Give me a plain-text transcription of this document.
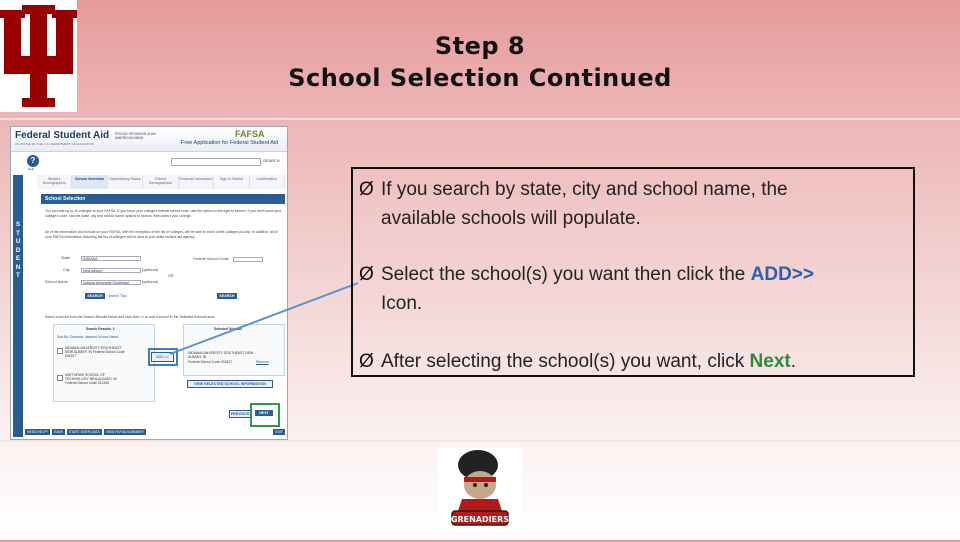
Step 8
School Selection Continued
Federal Student Aid
AN OFFICE OF THE U.S. DEPARTMENT OF EDUCATION
PROUD SPONSOR of the AMERICAN MIND	FAFSA
Free Application for Federal Student Aid
?
Help
SEARCH
Student Demographics
School Selection	Dependency Status	Parent Demographics
Financial Information	Sign & Submit	Confirmation
S
T
U
D
E
N
T
School Selection
You can add up to 10 colleges to your FAFSA. If you know your college's federal school code, use the option to the right to search. If you don't know your college's code, use the state, city and school name options to search. Next select your college.
All of the information you include on your FAFSA, with the exception of the list of colleges, will be sent to each of the colleges you list. In addition, all of your FAFSA information including the list of colleges will be sent to your state student aid agency.
State	INDIANA
City	New albany	(optional)
School Name	Indiana University Southeast	(optional)
OR
Federal School Code
SEARCH	Search Tips	SEARCH
Select a school from the Search Results below and click Add >> to add a school to the Selected Schools area.
Search Results: 2
Sort By: Distance: Nearest School Name
INDIANA UNIVERSITY SOUTHEAST NEW ALBANY, IN Federal School Code 001817
MATTHEWS SCHOOL OF TECHNOLOGY NEW ALBANY, IN Federal School Code 012345
Selected Schools
INDIANA UNIVERSITY SOUTHEAST NEW ALBANY, IN
Federal School Code 001817	Remove
ADD >>
VIEW SELECTED SCHOOL INFORMATION
PREVIOUS	NEXT
NEED HELP?	SAVE	START OVER DATA	VIEW FAFSA SUMMARY	EXIT
Ø If you search by state, city and school name, the
available schools will populate.
Ø Select the school(s) you want then click the ADD>>
Icon.
Ø After selecting the school(s) you want, click Next.
GRENADIERS
